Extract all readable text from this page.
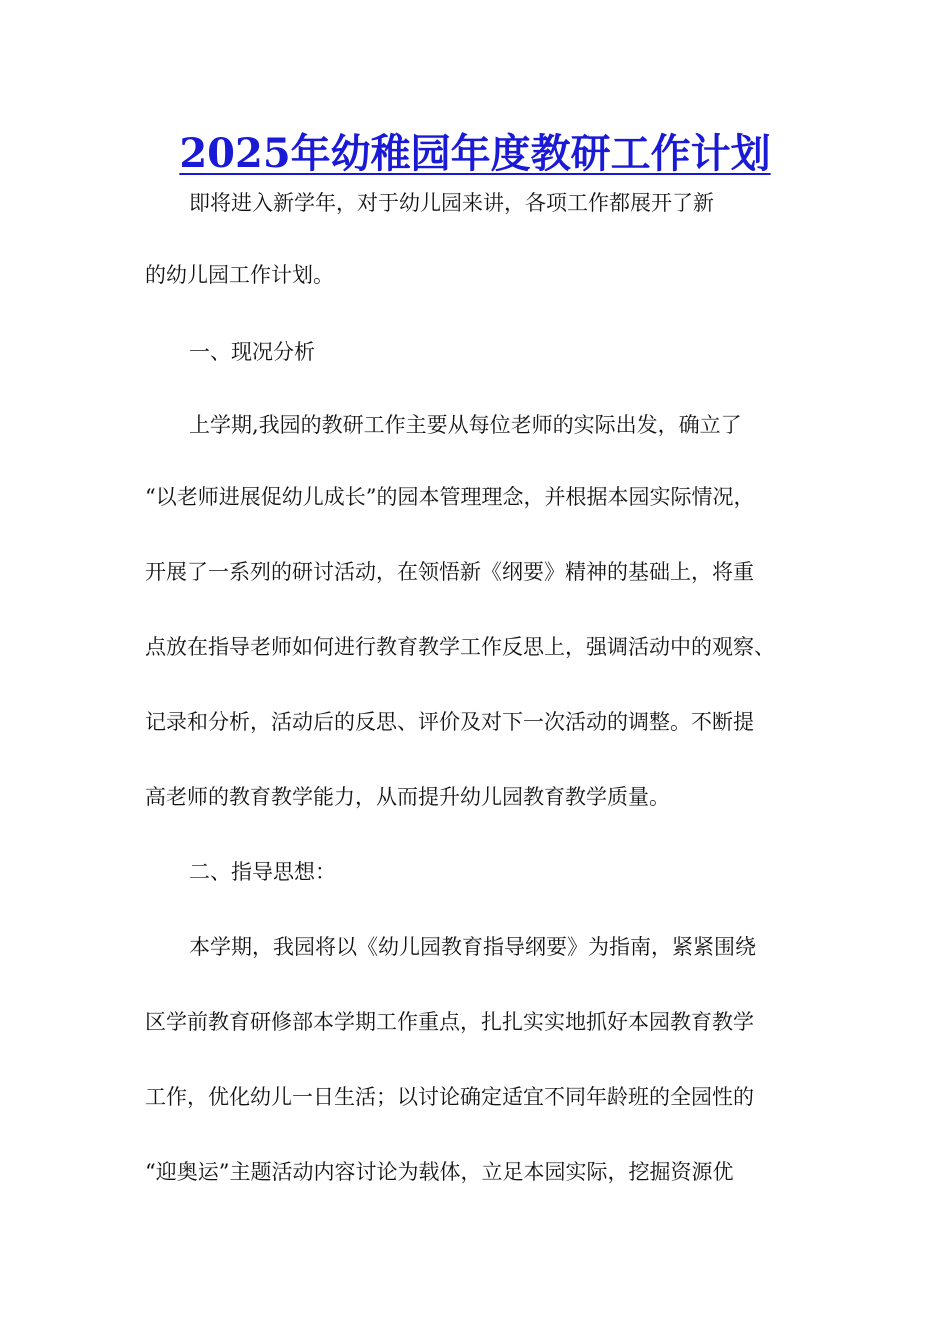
2025年幼稚园年度教研工作计划

即将进入新学年，对于幼儿园来讲，各项工作都展开了新

的幼儿园工作计划。

一、现况分析

上学期,我园的教研工作主要从每位老师的实际出发，确立了

“以老师进展促幼儿成长”的园本管理理念，并根据本园实际情况，

开展了一系列的研讨活动，在领悟新《纲要》精神的基础上，将重

点放在指导老师如何进行教育教学工作反思上，强调活动中的观察、

记录和分析，活动后的反思、评价及对下一次活动的调整。不断提

高老师的教育教学能力，从而提升幼儿园教育教学质量。

二、指导思想：

本学期，我园将以《幼儿园教育指导纲要》为指南，紧紧围绕

区学前教育研修部本学期工作重点，扎扎实实地抓好本园教育教学

工作，优化幼儿一日生活；以讨论确定适宜不同年龄班的全园性的

“迎奥运”主题活动内容讨论为载体，立足本园实际，挖掘资源优
